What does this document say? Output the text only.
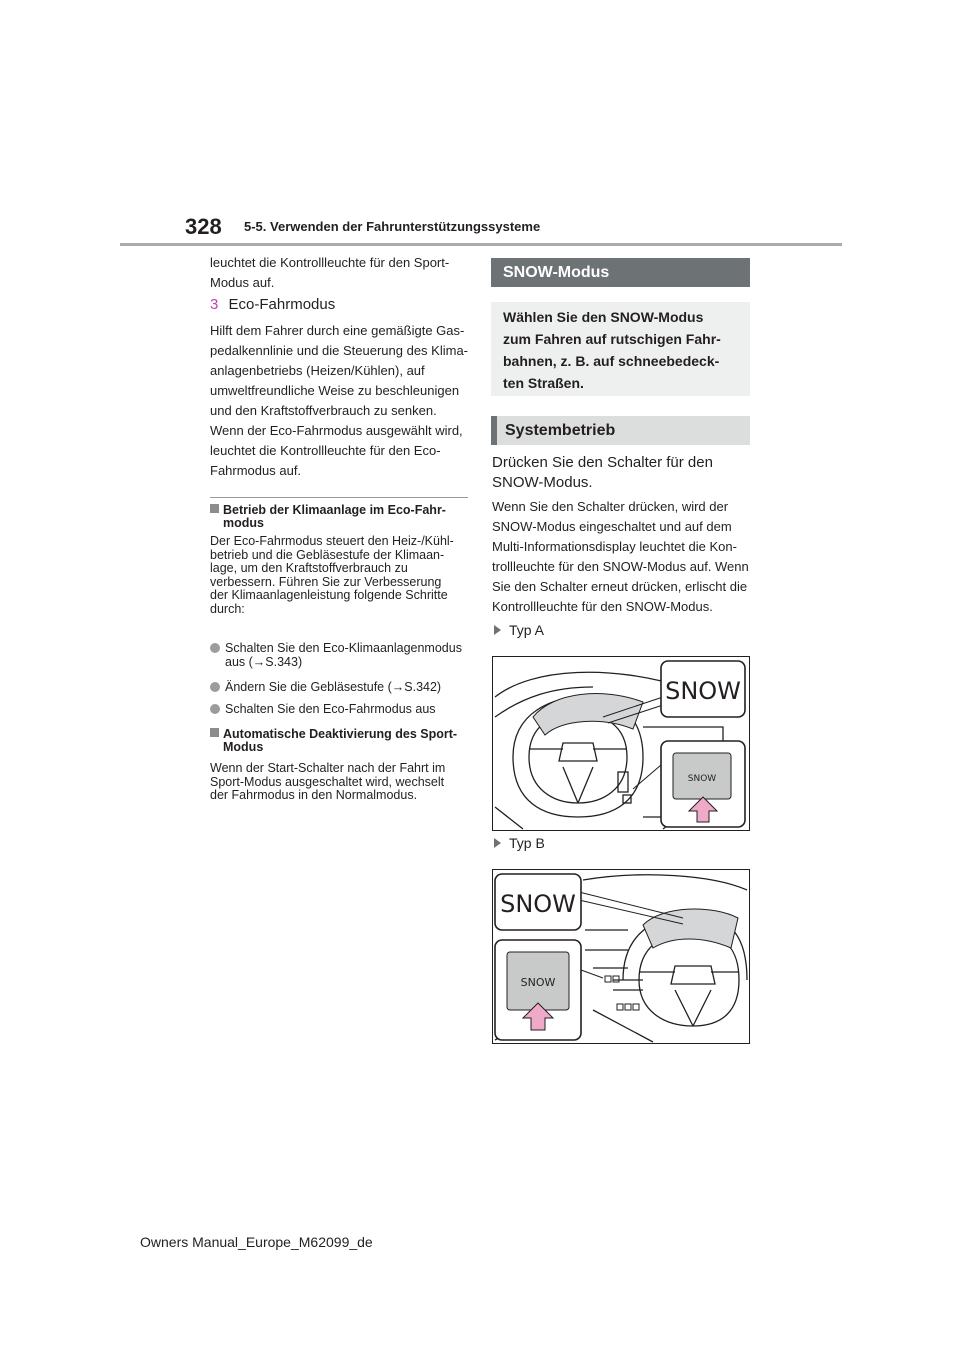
328 5-5. Verwenden der Fahrunterstützungssysteme

leuchtet die Kontrollleuchte für den Sport-

Modus auf.

3 Eco-Fahrmodus

Hilft dem Fahrer durch eine gemäßigte Gas-

pedalkennlinie und die Steuerung des Klima-

anlagenbetriebs (Heizen/Kühlen), auf

umweltfreundliche Weise zu beschleunigen

und den Kraftstoffverbrauch zu senken.

Wenn der Eco-Fahrmodus ausgewählt wird,

leuchtet die Kontrollleuchte für den Eco-

Fahrmodus auf.

Betrieb der Klimaanlage im Eco-Fahr-
modus
Der Eco-Fahrmodus steuert den Heiz-/Kühl-
betrieb und die Gebläsestufe der Klimaan-
lage, um den Kraftstoffverbrauch zu
verbessern. Führen Sie zur Verbesserung
der Klimaanlagenleistung folgende Schritte
durch:
Schalten Sie den Eco-Klimaanlagenmodus
aus (→S.343)
Ändern Sie die Gebläsestufe (→S.342)
Schalten Sie den Eco-Fahrmodus aus
Automatische Deaktivierung des Sport-
Modus
Wenn der Start-Schalter nach der Fahrt im
Sport-Modus ausgeschaltet wird, wechselt
der Fahrmodus in den Normalmodus.
SNOW-Modus
Wählen Sie den SNOW-Modus
zum Fahren auf rutschigen Fahr-
bahnen, z. B. auf schneebedeck-
ten Straßen.
Systembetrieb
Drücken Sie den Schalter für den
SNOW-Modus.

Wenn Sie den Schalter drücken, wird der

SNOW-Modus eingeschaltet und auf dem

Multi-Informationsdisplay leuchtet die Kon-

trollleuchte für den SNOW-Modus auf. Wenn

Sie den Schalter erneut drücken, erlischt die

Kontrollleuchte für den SNOW-Modus.

Typ A
SNOW
SNOW
Typ B
SNOW
SNOW
Owners Manual_Europe_M62099_de
